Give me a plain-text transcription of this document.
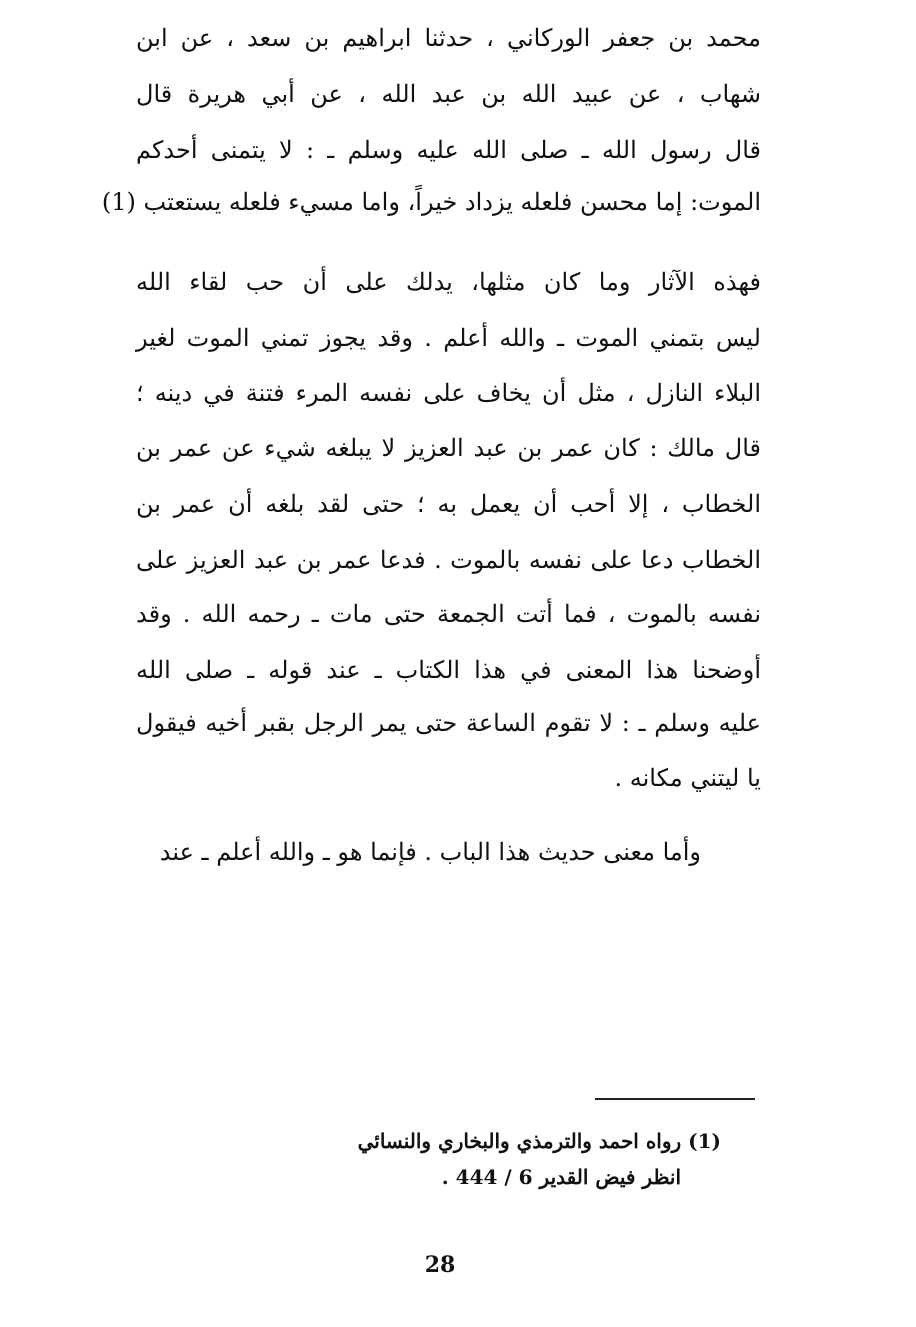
محمد بن جعفر الوركاني ، حدثنا ابراهيم بن سعد ، عن ابن
شهاب ، عن عبيد الله بن عبد الله ، عن أبي هريرة قال
قال رسول الله ـ صلى الله عليه وسلم ـ : لا يتمنى أحدكم
الموت: إما محسن فلعله يزداد خيراً، واما مسيء فلعله يستعتب (1)
فهذه الآثار وما كان مثلها، يدلك على أن حب لقاء الله
ليس بتمني الموت ـ والله أعلم . وقد يجوز تمني الموت لغير
البلاء النازل ، مثل أن يخاف على نفسه المرء فتنة في دينه ؛
قال مالك : كان عمر بن عبد العزيز لا يبلغه شيء عن عمر بن
الخطاب ، إلا أحب أن يعمل به ؛ حتى لقد بلغه أن عمر بن
الخطاب دعا على نفسه بالموت . فدعا عمر بن عبد العزيز على
نفسه بالموت ، فما أتت الجمعة حتى مات ـ رحمه الله . وقد
أوضحنا هذا المعنى في هذا الكتاب ـ عند قوله ـ صلى الله
عليه وسلم ـ : لا تقوم الساعة حتى يمر الرجل بقبر أخيه فيقول
يا ليتني مكانه .
وأما معنى حديث هذا الباب . فإنما هو ـ والله أعلم ـ عند
(1) رواه احمد والترمذي والبخاري والنسائي
انظر فيض القدير 6 / 444 .
28
